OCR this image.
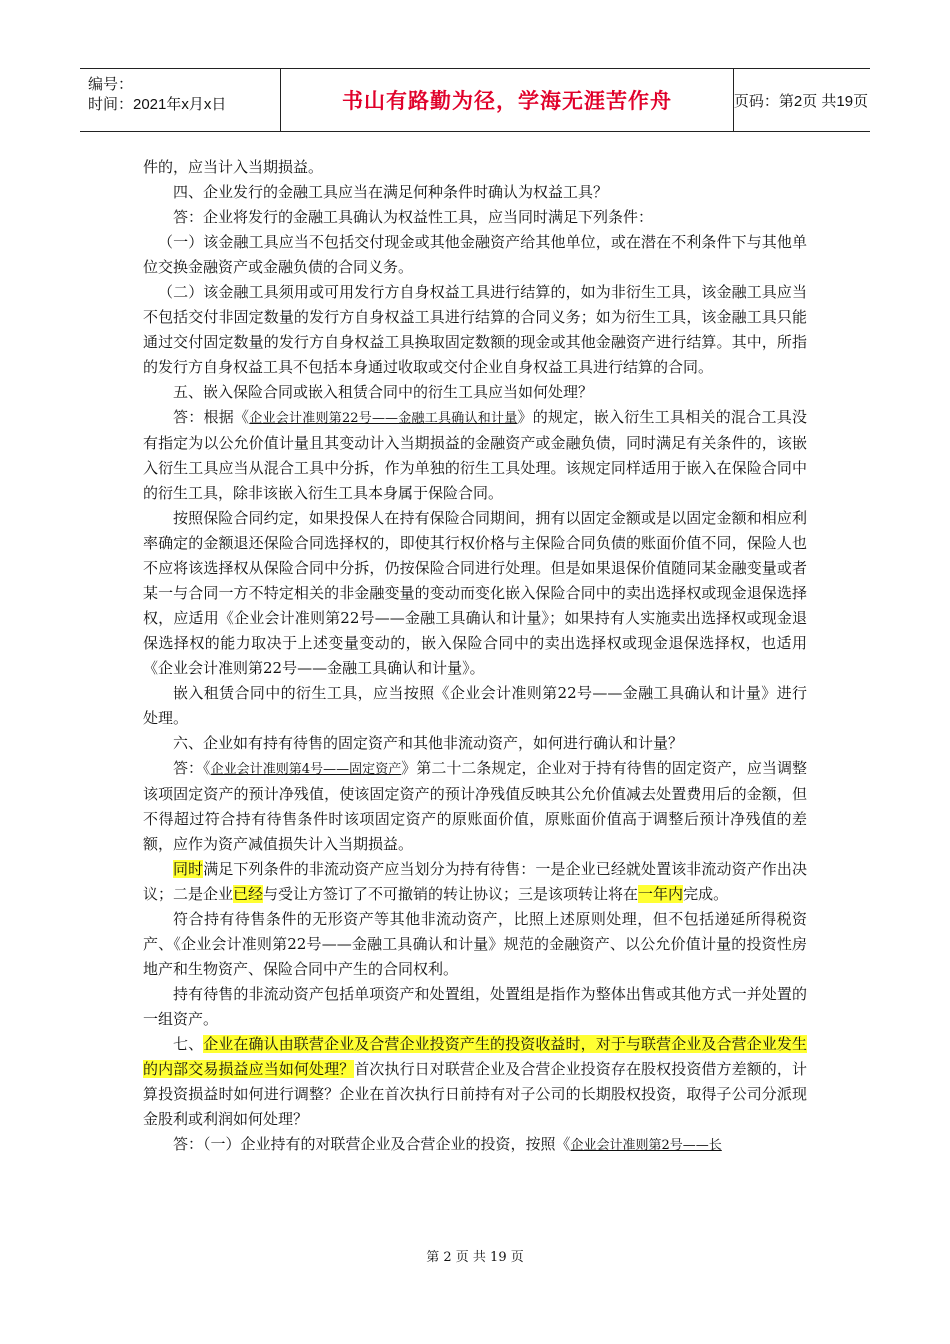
编号：
时间：2021年x月x日	书山有路勤为径，学海无涯苦作舟	页码：第2页 共19页

件的，应当计入当期损益。

四、企业发行的金融工具应当在满足何种条件时确认为权益工具？

答：企业将发行的金融工具确认为权益性工具，应当同时满足下列条件：

（一）该金融工具应当不包括交付现金或其他金融资产给其他单位，或在潜在不利条件下与其他单位交换金融资产或金融负债的合同义务。

（二）该金融工具须用或可用发行方自身权益工具进行结算的，如为非衍生工具，该金融工具应当不包括交付非固定数量的发行方自身权益工具进行结算的合同义务；如为衍生工具，该金融工具只能通过交付固定数量的发行方自身权益工具换取固定数额的现金或其他金融资产进行结算。其中，所指的发行方自身权益工具不包括本身通过收取或交付企业自身权益工具进行结算的合同。

五、嵌入保险合同或嵌入租赁合同中的衍生工具应当如何处理？

答：根据《企业会计准则第22号——金融工具确认和计量》的规定，嵌入衍生工具相关的混合工具没有指定为以公允价值计量且其变动计入当期损益的金融资产或金融负债，同时满足有关条件的，该嵌入衍生工具应当从混合工具中分拆，作为单独的衍生工具处理。该规定同样适用于嵌入在保险合同中的衍生工具，除非该嵌入衍生工具本身属于保险合同。

按照保险合同约定，如果投保人在持有保险合同期间，拥有以固定金额或是以固定金额和相应利率确定的金额退还保险合同选择权的，即使其行权价格与主保险合同负债的账面价值不同，保险人也不应将该选择权从保险合同中分拆，仍按保险合同进行处理。但是如果退保价值随同某金融变量或者某一与合同一方不特定相关的非金融变量的变动而变化嵌入保险合同中的卖出选择权或现金退保选择权，应适用《企业会计准则第22号——金融工具确认和计量》；如果持有人实施卖出选择权或现金退保选择权的能力取决于上述变量变动的，嵌入保险合同中的卖出选择权或现金退保选择权，也适用《企业会计准则第22号——金融工具确认和计量》。

嵌入租赁合同中的衍生工具，应当按照《企业会计准则第22号——金融工具确认和计量》进行处理。

六、企业如有持有待售的固定资产和其他非流动资产，如何进行确认和计量？

答：《企业会计准则第4号——固定资产》第二十二条规定，企业对于持有待售的固定资产，应当调整该项固定资产的预计净残值，使该固定资产的预计净残值反映其公允价值减去处置费用后的金额，但不得超过符合持有待售条件时该项固定资产的原账面价值，原账面价值高于调整后预计净残值的差额，应作为资产减值损失计入当期损益。

同时满足下列条件的非流动资产应当划分为持有待售：一是企业已经就处置该非流动资产作出决议；二是企业已经与受让方签订了不可撤销的转让协议；三是该项转让将在一年内完成。

符合持有待售条件的无形资产等其他非流动资产，比照上述原则处理，但不包括递延所得税资产、《企业会计准则第22号——金融工具确认和计量》规范的金融资产、以公允价值计量的投资性房地产和生物资产、保险合同中产生的合同权利。

持有待售的非流动资产包括单项资产和处置组，处置组是指作为整体出售或其他方式一并处置的一组资产。

七、企业在确认由联营企业及合营企业投资产生的投资收益时，对于与联营企业及合营企业发生的内部交易损益应当如何处理？首次执行日对联营企业及合营企业投资存在股权投资借方差额的，计算投资损益时如何进行调整？企业在首次执行日前持有对子公司的长期股权投资，取得子公司分派现金股利或利润如何处理？

答：（一）企业持有的对联营企业及合营企业的投资，按照《企业会计准则第2号——长

第 2 页 共 19 页
